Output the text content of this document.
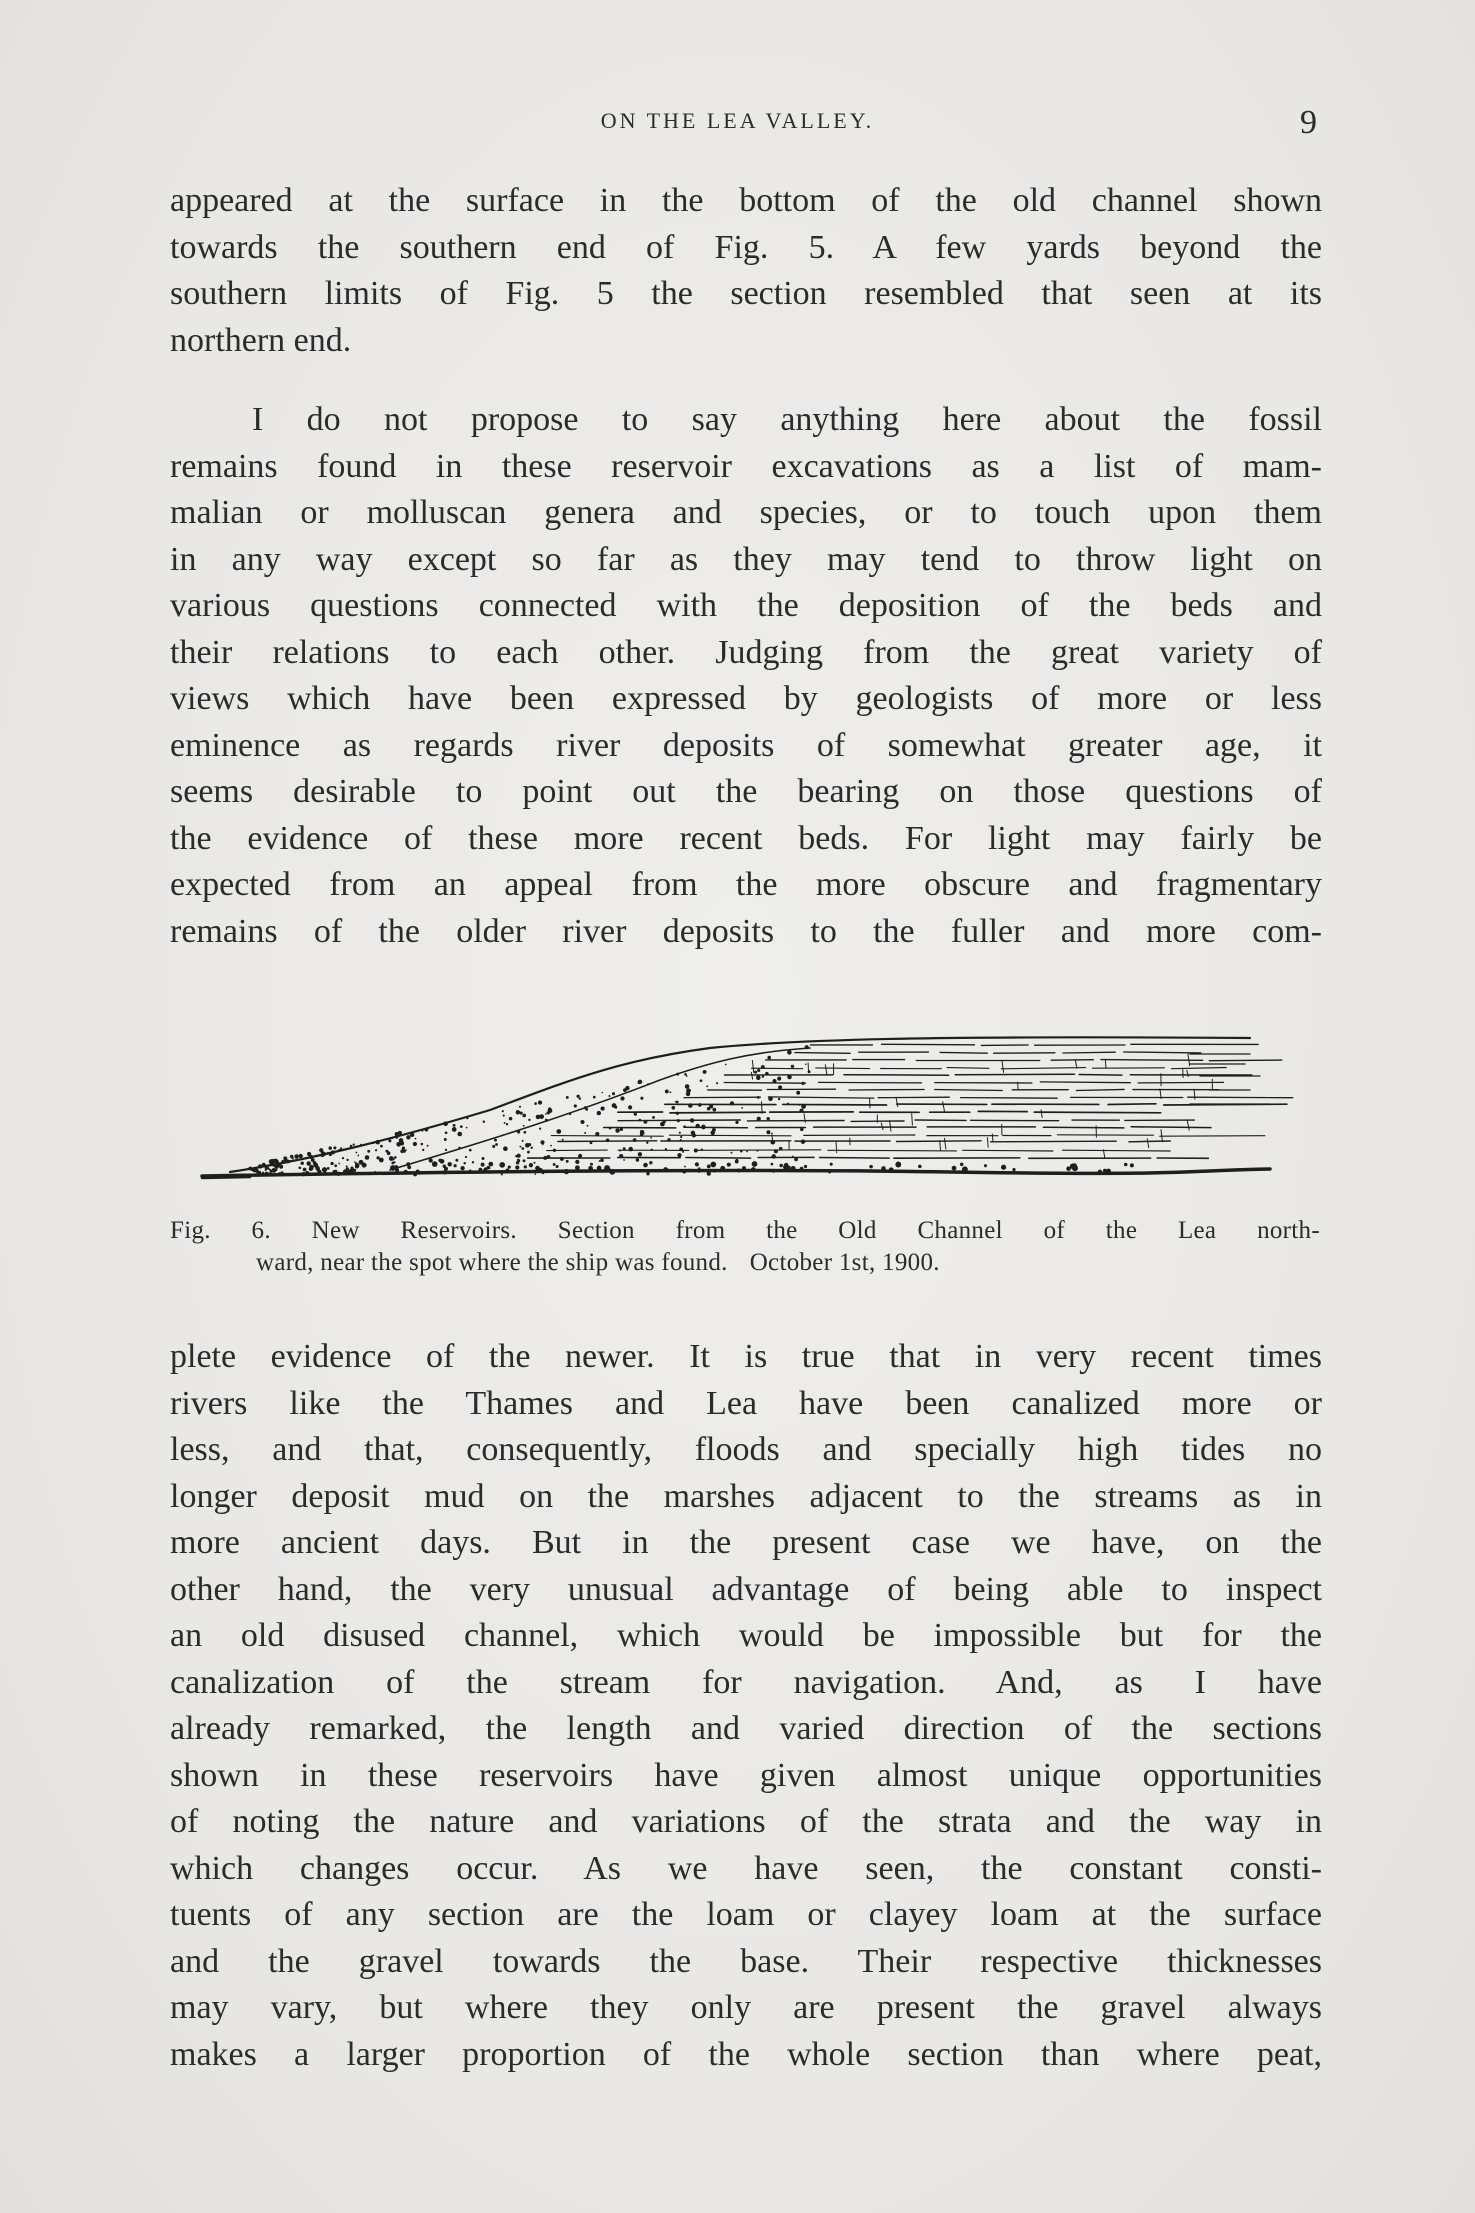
ON THE LEA VALLEY.	9

appeared at the surface in the bottom of the old channel shown
towards the southern end of Fig. 5. A few yards beyond the
southern limits of Fig. 5 the section resembled that seen at its
northern end.

I do not propose to say anything here about the fossil
remains found in these reservoir excavations as a list of mam-
malian or molluscan genera and species, or to touch upon them
in any way except so far as they may tend to throw light on
various questions connected with the deposition of the beds and
their relations to each other. Judging from the great variety of
views which have been expressed by geologists of more or less
eminence as regards river deposits of somewhat greater age, it
seems desirable to point out the bearing on those questions of
the evidence of these more recent beds. For light may fairly be
expected from an appeal from the more obscure and fragmentary
remains of the older river deposits to the fuller and more com-

Fig. 6. New Reservoirs. Section from the Old Channel of the Lea north-
ward, near the spot where the ship was found. October 1st, 1900.

plete evidence of the newer. It is true that in very recent times
rivers like the Thames and Lea have been canalized more or
less, and that, consequently, floods and specially high tides no
longer deposit mud on the marshes adjacent to the streams as in
more ancient days. But in the present case we have, on the
other hand, the very unusual advantage of being able to inspect
an old disused channel, which would be impossible but for the
canalization of the stream for navigation. And, as I have
already remarked, the length and varied direction of the sections
shown in these reservoirs have given almost unique opportunities
of noting the nature and variations of the strata and the way in
which changes occur. As we have seen, the constant consti-
tuents of any section are the loam or clayey loam at the surface
and the gravel towards the base. Their respective thicknesses
may vary, but where they only are present the gravel always
makes a larger proportion of the whole section than where peat,
